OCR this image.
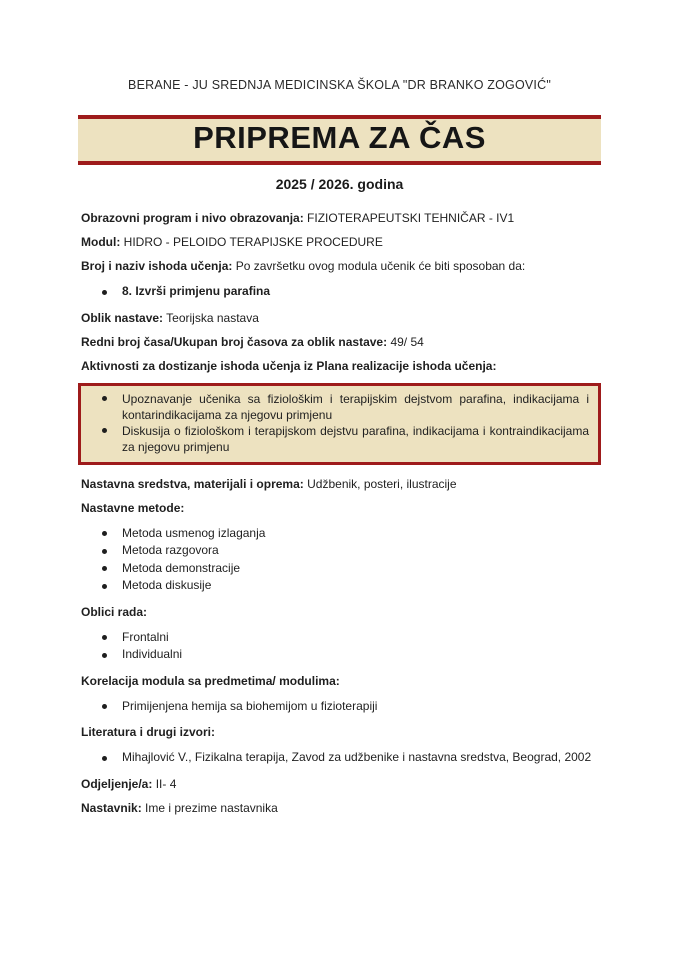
BERANE - JU SREDNJA MEDICINSKA ŠKOLA "DR BRANKO ZOGOVIĆ"
PRIPREMA ZA ČAS
2025 / 2026. godina

Obrazovni program i nivo obrazovanja: FIZIOTERAPEUTSKI TEHNIČAR - IV1

Modul: HIDRO - PELOIDO TERAPIJSKE PROCEDURE

Broj i naziv ishoda učenja: Po završetku ovog modula učenik će biti sposoban da:

8. Izvrši primjenu parafina

Oblik nastave: Teorijska nastava

Redni broj časa/Ukupan broj časova za oblik nastave: 49/ 54

Aktivnosti za dostizanje ishoda učenja iz Plana realizacije ishoda učenja:

Upoznavanje učenika sa fiziološkim i terapijskim dejstvom parafina, indikacijama i kontarindikacijama za njegovu primjenu
Diskusija o fiziološkom i terapijskom dejstvu parafina, indikacijama i kontraindikacijama za njegovu primjenu

Nastavna sredstva, materijali i oprema: Udžbenik, posteri, ilustracije

Nastavne metode:

Metoda usmenog izlaganja
Metoda razgovora
Metoda demonstracije
Metoda diskusije

Oblici rada:

Frontalni
Individualni

Korelacija modula sa predmetima/ modulima:

Primijenjena hemija sa biohemijom u fizioterapiji

Literatura i drugi izvori:

Mihajlović V., Fizikalna terapija, Zavod za udžbenike i nastavna sredstva, Beograd, 2002

Odjeljenje/a: II- 4

Nastavnik: Ime i prezime nastavnika
